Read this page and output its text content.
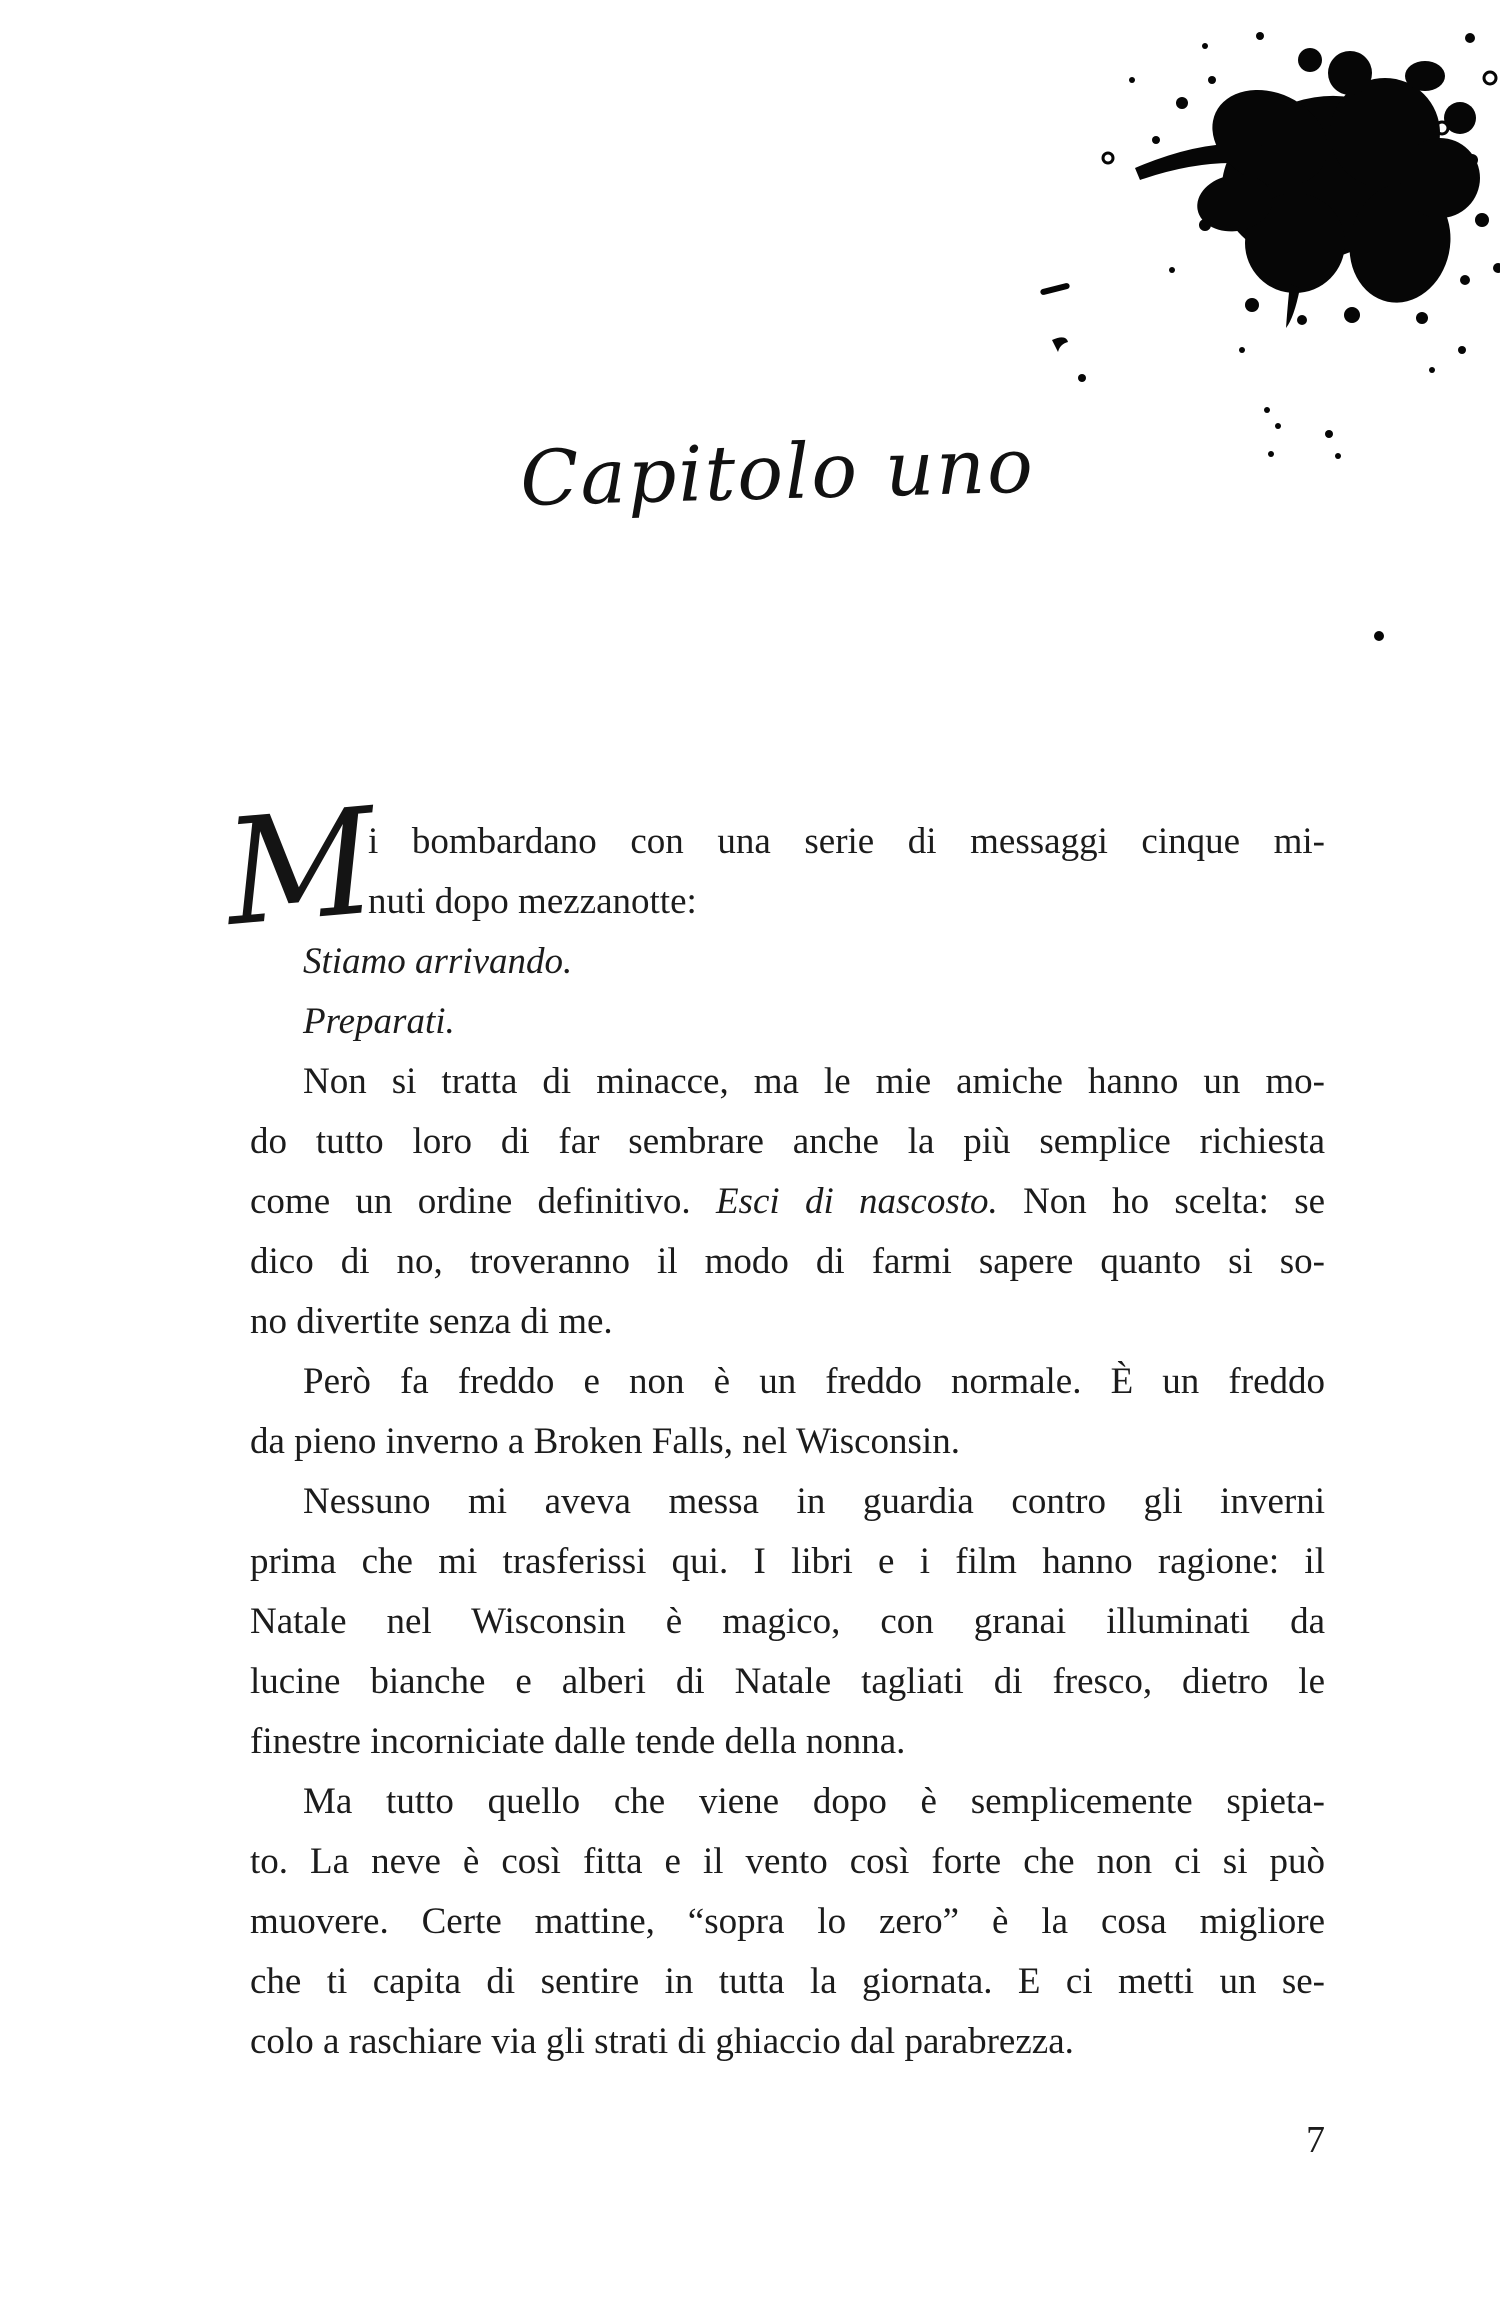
Capitolo uno
M
i bombardano con una serie di messaggi cinque mi-
nuti dopo mezzanotte:
Stiamo arrivando.
Preparati.
Non si tratta di minacce, ma le mie amiche hanno un mo-
do tutto loro di far sembrare anche la più semplice richiesta
come un ordine definitivo. Esci di nascosto. Non ho scelta: se
dico di no, troveranno il modo di farmi sapere quanto si so-
no divertite senza di me.
Però fa freddo e non è un freddo normale. È un freddo
da pieno inverno a Broken Falls, nel Wisconsin.
Nessuno mi aveva messa in guardia contro gli inverni
prima che mi trasferissi qui. I libri e i film hanno ragione: il
Natale nel Wisconsin è magico, con granai illuminati da
lucine bianche e alberi di Natale tagliati di fresco, dietro le
finestre incorniciate dalle tende della nonna.
Ma tutto quello che viene dopo è semplicemente spieta-
to. La neve è così fitta e il vento così forte che non ci si può
muovere. Certe mattine, “sopra lo zero” è la cosa migliore
che ti capita di sentire in tutta la giornata. E ci metti un se-
colo a raschiare via gli strati di ghiaccio dal parabrezza.
7
